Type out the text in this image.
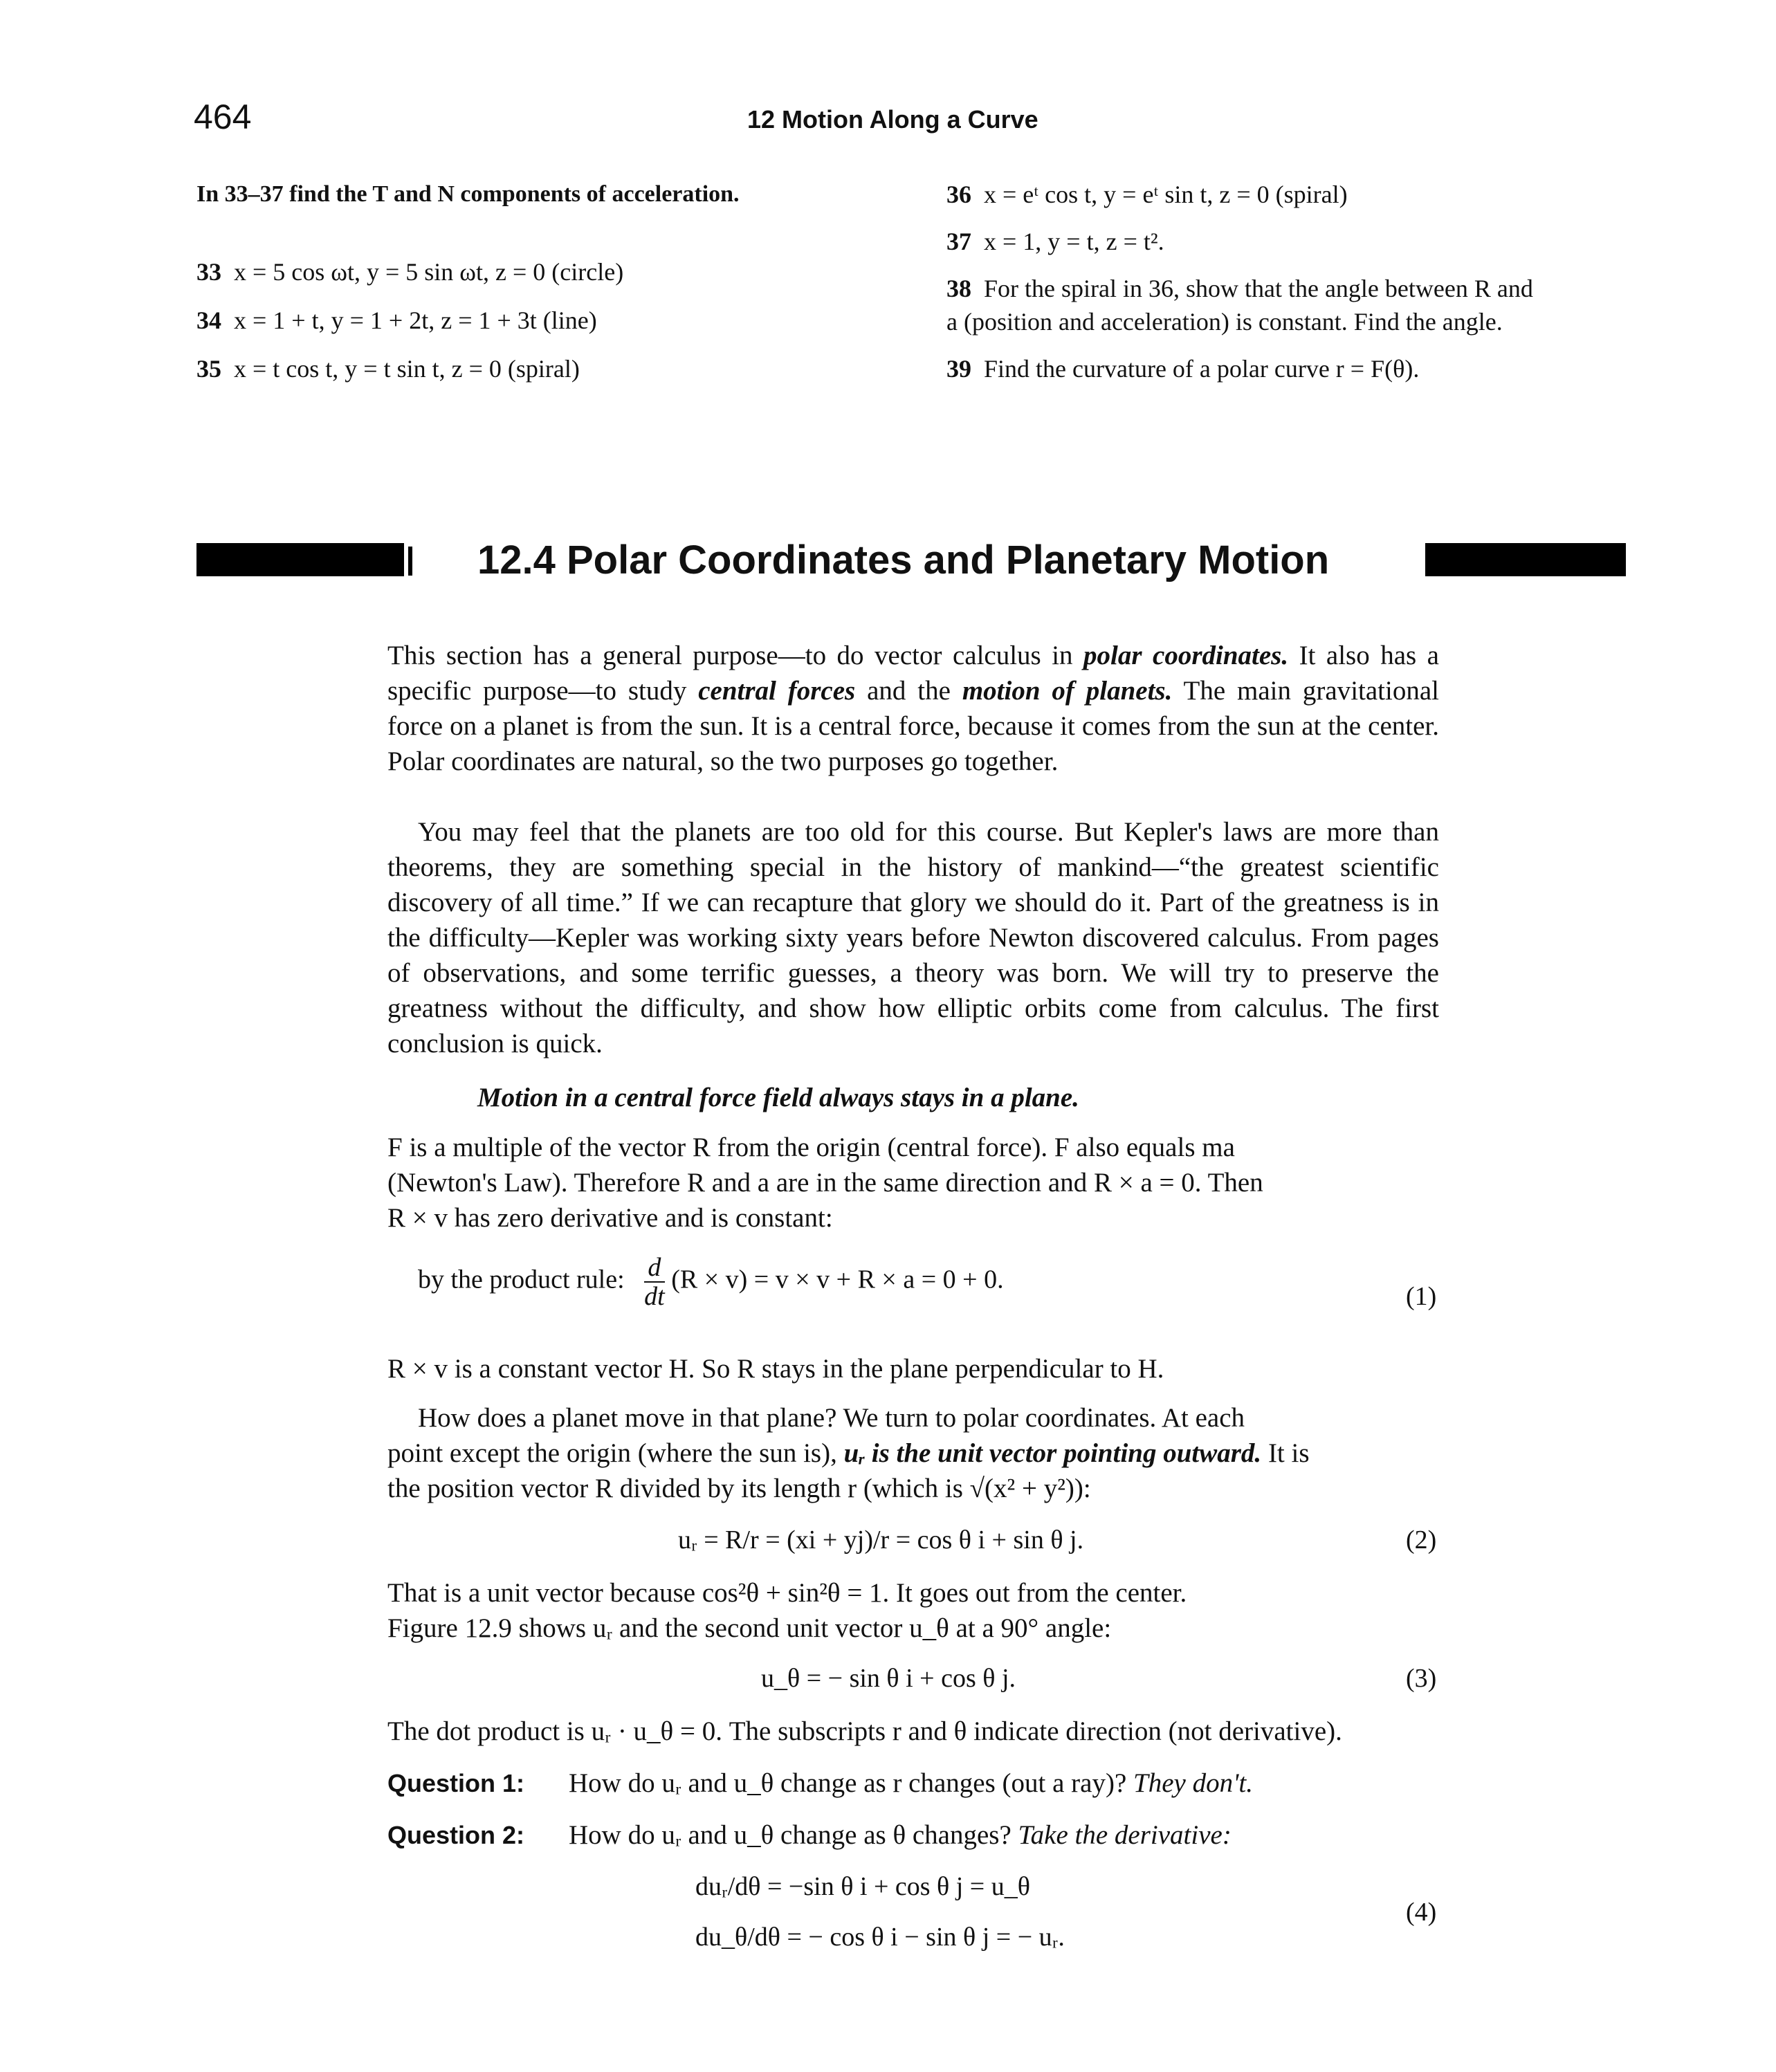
464	12 Motion Along a Curve
In 33–37 find the T and N components of acceleration.
33 x = 5 cos ωt, y = 5 sin ωt, z = 0 (circle)
34 x = 1 + t, y = 1 + 2t, z = 1 + 3t (line)
35 x = t cos t, y = t sin t, z = 0 (spiral)
36 x = eᵗ cos t, y = eᵗ sin t, z = 0 (spiral)
37 x = 1, y = t, z = t².
38 For the spiral in 36, show that the angle between R and
a (position and acceleration) is constant. Find the angle.
39 Find the curvature of a polar curve r = F(θ).
12.4 Polar Coordinates and Planetary Motion
This section has a general purpose—to do vector calculus in polar coordinates. It also has a specific purpose—to study central forces and the motion of planets. The main gravitational force on a planet is from the sun. It is a central force, because it comes from the sun at the center. Polar coordinates are natural, so the two purposes go together.
You may feel that the planets are too old for this course. But Kepler's laws are more than theorems, they are something special in the history of mankind—“the greatest scientific discovery of all time.” If we can recapture that glory we should do it. Part of the greatness is in the difficulty—Kepler was working sixty years before Newton discovered calculus. From pages of observations, and some terrific guesses, a theory was born. We will try to preserve the greatness without the difficulty, and show how elliptic orbits come from calculus. The first conclusion is quick.
Motion in a central force field always stays in a plane.
F is a multiple of the vector R from the origin (central force). F also equals ma
(Newton's Law). Therefore R and a are in the same direction and R × a = 0. Then
R × v has zero derivative and is constant:
by the product rule: $\frac{d}{dt} (R \times v) = v \times v + R \times a = 0 + 0$.
(1)
R × v is a constant vector H. So R stays in the plane perpendicular to H.
How does a planet move in that plane? We turn to polar coordinates. At each
point except the origin (where the sun is), uᵣ is the unit vector pointing outward. It is
the position vector R divided by its length r (which is √(x² + y²)):
uᵣ = R/r = (xi + yj)/r = cos θ i + sin θ j.	(2)
That is a unit vector because cos²θ + sin²θ = 1. It goes out from the center.
Figure 12.9 shows uᵣ and the second unit vector u_θ at a 90° angle:
u_θ = − sin θ i + cos θ j.	(3)
The dot product is uᵣ · u_θ = 0. The subscripts r and θ indicate direction (not derivative).
Question 1: How do uᵣ and u_θ change as r changes (out a ray)? They don't.
Question 2: How do uᵣ and u_θ change as θ changes? Take the derivative:
duᵣ/dθ = −sin θ i + cos θ j = u_θ
du_θ/dθ = − cos θ i − sin θ j = − uᵣ.
(4)
